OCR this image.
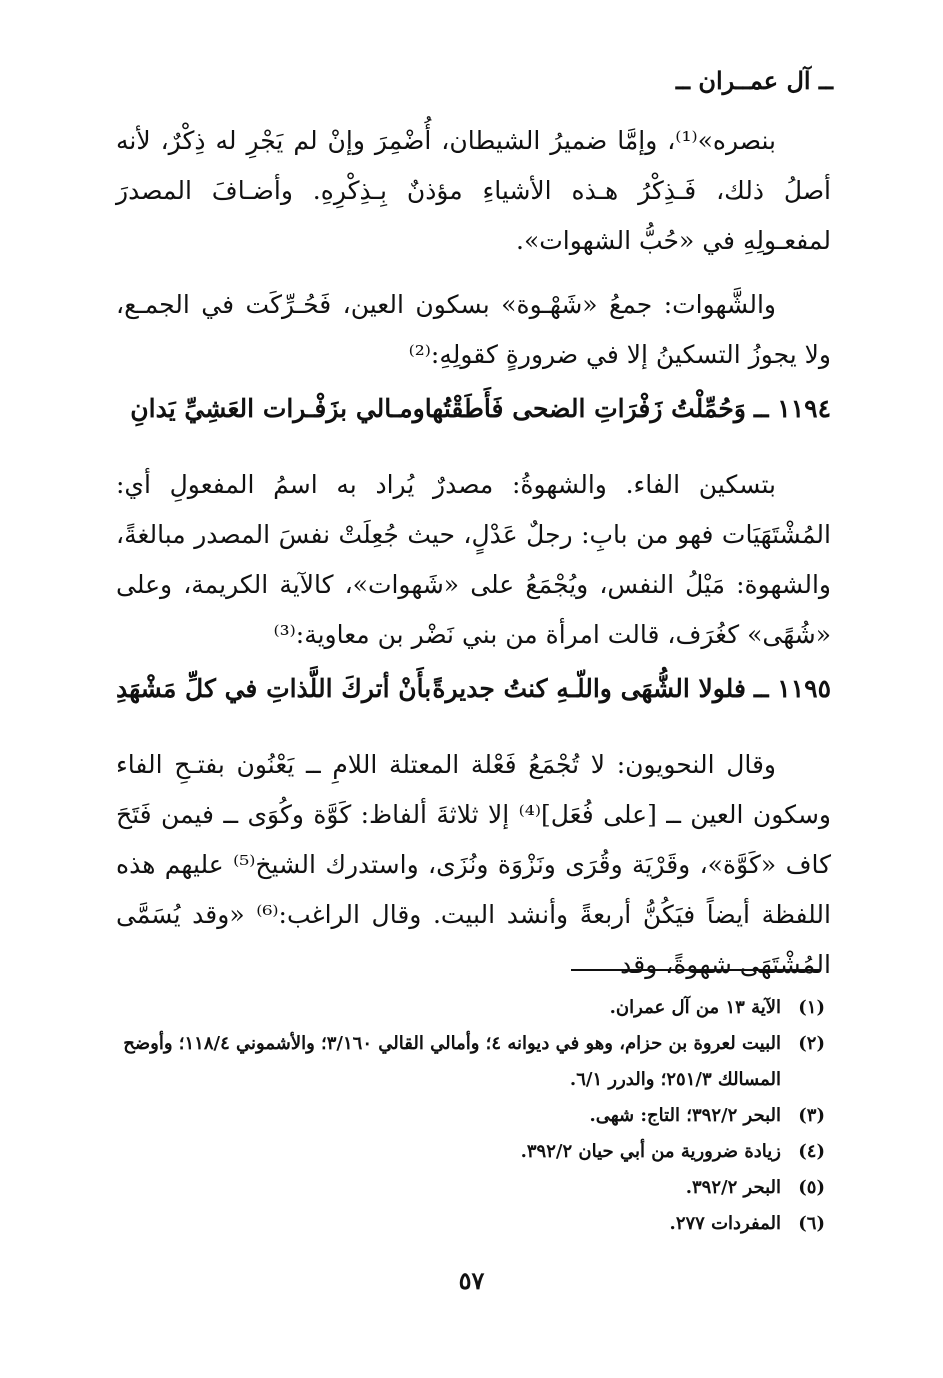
ــ آل عمــران ــ

بنصره»⁽¹⁾، وإمَّا ضميرُ الشيطان، أُضْمِرَ وإنْ لم يَجْرِ له ذِكْرٌ، لأنه أصلُ ذلك، فَـذِكْرُ هـذه الأشياءِ مؤذنٌ بِـذِكْرِهِ. وأضـافَ المصدرَ لمفعـولِهِ في «حُبُّ الشهوات».

والشَّهوات: جمعُ «شَهْـوة» بسكون العين، فَحُـرِّكَت في الجمـع، ولا يجوزُ التسكينُ إلا في ضرورةٍ كقولِهِ:⁽²⁾

١١٩٤ ــ
وَحُمِّلْتُ زَفْرَاتِ الضحى فَأَطَقْتُها
ومـالي بزَفْـرات العَشِيِّ يَدانِ

بتسكين الفاء. والشهوةُ: مصدرٌ يُراد به اسمُ المفعولِ أي: المُشْتَهَيَات فهو من بابِ: رجلٌ عَدْلٍ، حيث جُعِلَتْ نفسَ المصدر مبالغةً، والشهوة: مَيْلُ النفس، ويُجْمَعُ على «شَهوات»، كالآية الكريمة، وعلى «شُهًى» كغُرَف، قالت امرأة من بني نَضْر بن معاوية:⁽³⁾

١١٩٥ ــ
فلولا الشُّهَى واللّـهِ كنتُ جديرةً
بأَنْ أتركَ اللَّذاتِ في كلِّ مَشْهَدِ

وقال النحويون: لا تُجْمَعُ فَعْلة المعتلة اللامِ ــ يَعْنُون بفتـحِ الفاء وسكون العين ــ [على فُعَل]⁽⁴⁾ إلا ثلاثةَ ألفاظ: كَوَّة وكُوَى ــ فيمن فَتَحَ كاف «كَوَّة»، وقَرْيَة وقُرَى ونَزْوَة ونُزَى، واستدرك الشيخ⁽⁵⁾ عليهم هذه اللفظة أيضاً فيَكُنُّ أربعةً وأنشد البيت. وقال الراغب:⁽⁶⁾ «وقد يُسَمَّى المُشْتَهَى شهوةً، وقد

(١)
الآية ١٣ من آل عمران.
(٢)
البيت لعروة بن حزام، وهو في ديوانه ٤؛ وأمالي القالي ٣/١٦٠؛ والأشموني ١١٨/٤؛ وأوضح المسالك ٢٥١/٣؛ والدرر ٦/١.
(٣)
البحر ٣٩٢/٢؛ التاج: شهى.
(٤)
زيادة ضرورية من أبي حيان ٣٩٢/٢.
(٥)
البحر ٣٩٢/٢.
(٦)
المفردات ٢٧٧.
٥٧
